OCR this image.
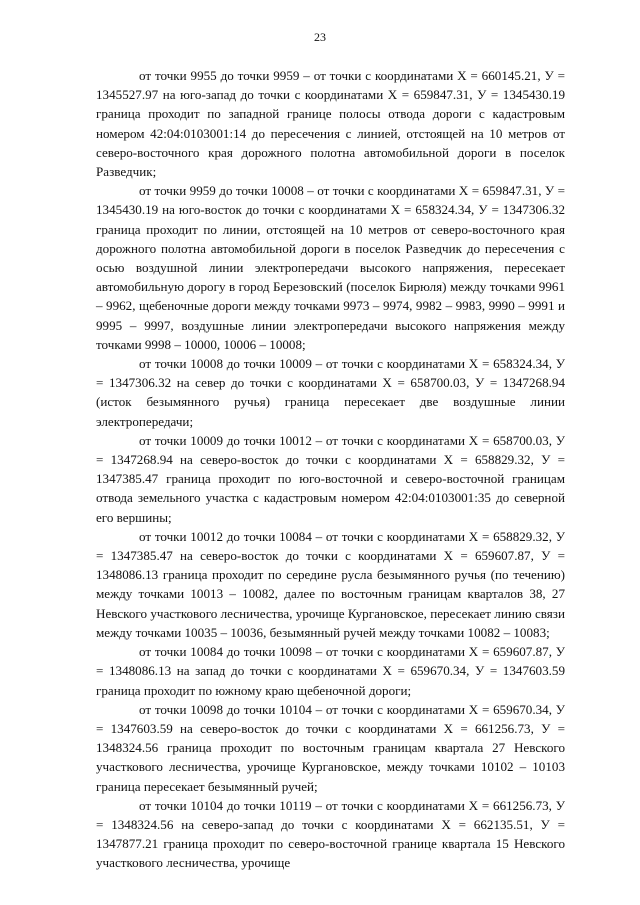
23

от точки 9955 до точки 9959 – от точки с координатами Х = 660145.21, У = 1345527.97 на юго-запад до точки с координатами Х = 659847.31, У = 1345430.19 граница проходит по западной границе полосы отвода дороги с кадастровым номером 42:04:0103001:14 до пересечения с линией, отстоящей на 10 метров от северо-восточного края дорожного полотна автомобильной дороги в поселок Разведчик;

от точки 9959 до точки 10008 – от точки с координатами Х = 659847.31, У = 1345430.19 на юго-восток до точки с координатами Х = 658324.34, У = 1347306.32 граница проходит по линии, отстоящей на 10 метров от северо-восточного края дорожного полотна автомобильной дороги в поселок Разведчик до пересечения с осью воздушной линии электропередачи высокого напряжения, пересекает автомобильную дорогу в город Березовский (поселок Бирюля) между точками 9961 – 9962, щебеночные дороги между точками 9973 – 9974, 9982 – 9983, 9990 – 9991 и 9995 – 9997, воздушные линии электропередачи высокого напряжения между точками 9998 – 10000, 10006 – 10008;

от точки 10008 до точки 10009 – от точки с координатами Х = 658324.34, У = 1347306.32 на север до точки с координатами Х = 658700.03, У = 1347268.94 (исток безымянного ручья) граница пересекает две воздушные линии электропередачи;

от точки 10009 до точки 10012 – от точки с координатами Х = 658700.03, У = 1347268.94 на северо-восток до точки с координатами Х = 658829.32, У = 1347385.47 граница проходит по юго-восточной и северо-восточной границам отвода земельного участка с кадастровым номером 42:04:0103001:35 до северной его вершины;

от точки 10012 до точки 10084 – от точки с координатами Х = 658829.32, У = 1347385.47 на северо-восток до точки с координатами Х = 659607.87, У = 1348086.13 граница проходит по середине русла безымянного ручья (по течению) между точками 10013 – 10082, далее по восточным границам кварталов 38, 27 Невского участкового лесничества, урочище Кургановское, пересекает линию связи между точками 10035 – 10036, безымянный ручей между точками 10082 – 10083;

от точки 10084 до точки 10098 – от точки с координатами Х = 659607.87, У = 1348086.13 на запад до точки с координатами Х = 659670.34, У = 1347603.59 граница проходит по южному краю щебеночной дороги;

от точки 10098 до точки 10104 – от точки с координатами Х = 659670.34, У = 1347603.59 на северо-восток до точки с координатами Х = 661256.73, У = 1348324.56 граница проходит по восточным границам квартала 27 Невского участкового лесничества, урочище Кургановское, между точками 10102 – 10103 граница пересекает безымянный ручей;

от точки 10104 до точки 10119 – от точки с координатами Х = 661256.73, У = 1348324.56 на северо-запад до точки с координатами Х = 662135.51, У = 1347877.21 граница проходит по северо-восточной границе квартала 15 Невского участкового лесничества, урочище
